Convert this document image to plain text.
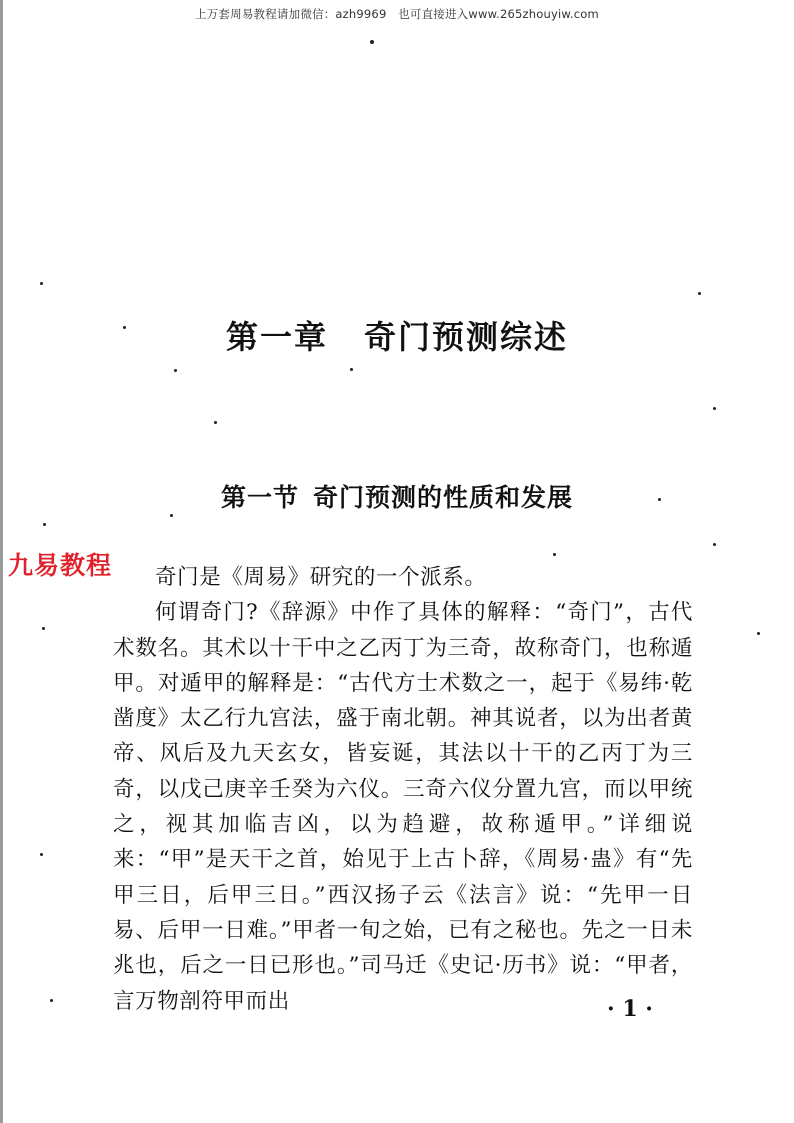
上万套周易教程请加微信：azh9969　也可直接进入www.265zhouyiw.com
第一章 奇门预测综述
第一节 奇门预测的性质和发展
九易教程	奇门是《周易》研究的一个派系。

何谓奇门?《辞源》中作了具体的解释：“奇门”，古代术数名。其术以十干中之乙丙丁为三奇，故称奇门，也称遁甲。对遁甲的解释是：“古代方士术数之一，起于《易纬·乾凿度》太乙行九宫法，盛于南北朝。神其说者，以为出者黄帝、风后及九天玄女，皆妄诞，其法以十干的乙丙丁为三奇，以戊己庚辛壬癸为六仪。三奇六仪分置九宫，而以甲统之，视其加临吉凶，以为趋避，故称遁甲。”详细说来：“甲”是天干之首，始见于上古卜辞，《周易·蛊》有“先甲三日，后甲三日。”西汉扬子云《法言》说：“先甲一日易、后甲一日难。”甲者一旬之始，已有之秘也。先之一日未兆也，后之一日已形也。”司马迁《史记·历书》说：“甲者，言万物剖符甲而出	· 1 ·
